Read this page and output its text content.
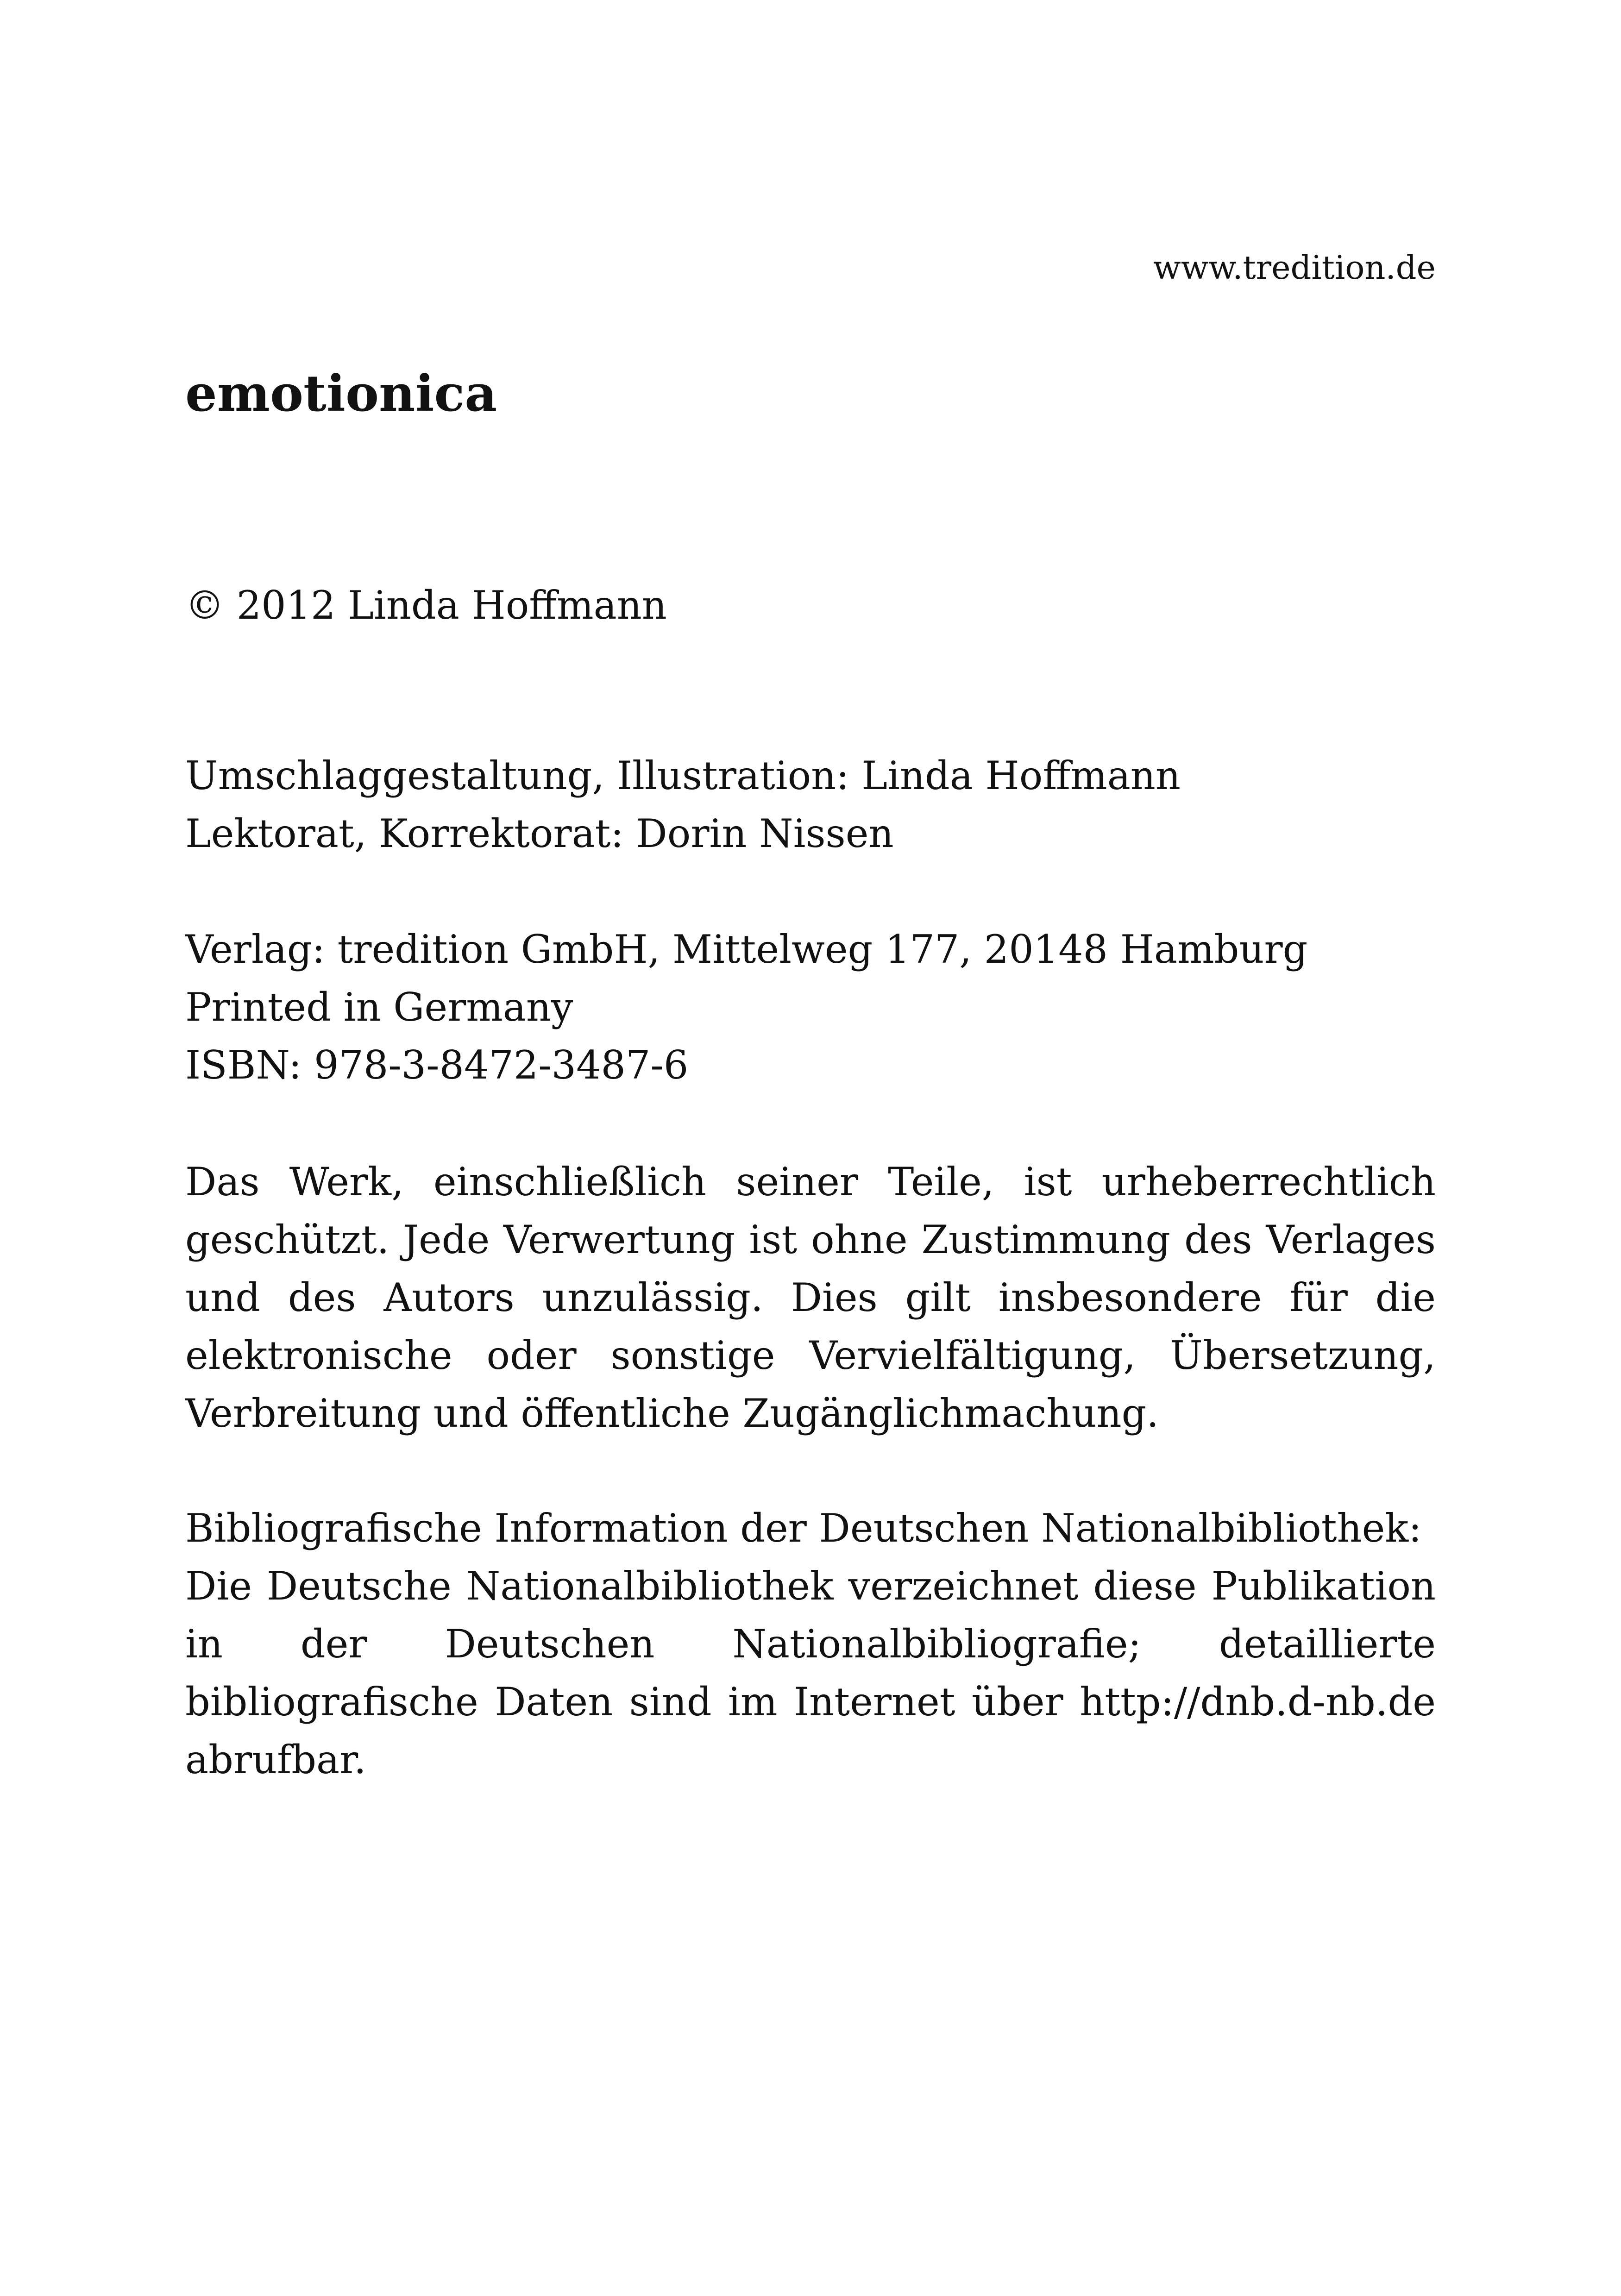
www.tredition.de
emotionica

© 2012 Linda Hoffmann

Umschlaggestaltung, Illustration: Linda Hoffmann
Lektorat, Korrektorat: Dorin Nissen
Verlag: tredition GmbH, Mittelweg 177, 20148 Hamburg
Printed in Germany
ISBN: 978-3-8472-3487-6

Das Werk, einschließlich seiner Teile, ist urheberrechtlich geschützt. Jede Verwertung ist ohne Zustimmung des Verlages und des Autors unzulässig. Dies gilt insbesondere für die elektronische oder sonstige Vervielfältigung, Übersetzung, Verbreitung und öffentliche Zugänglichmachung.

Bibliografische Information der Deutschen Nationalbibliothek:

Die Deutsche Nationalbibliothek verzeichnet diese Publikation in der Deutschen Nationalbibliografie; detaillierte bibliografische Daten sind im Internet über http://dnb.d-nb.de abrufbar.
